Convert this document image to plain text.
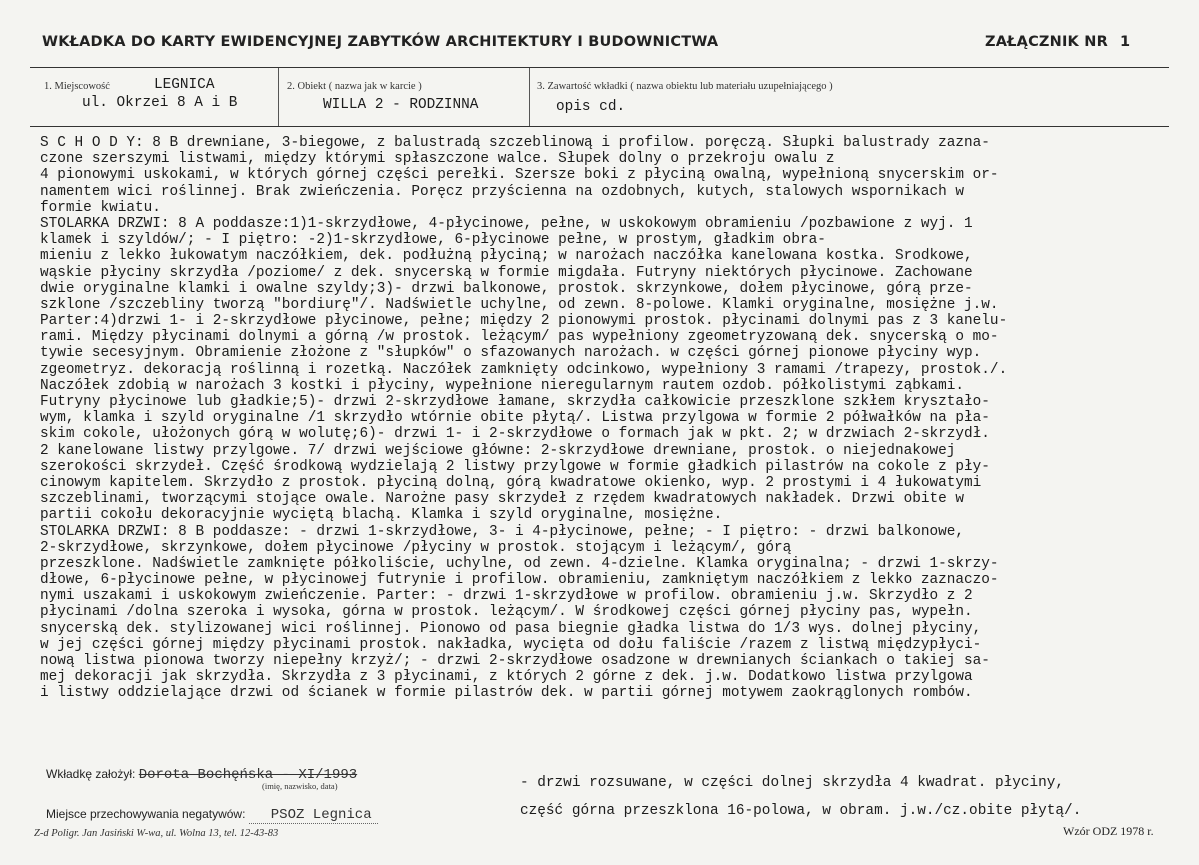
WKŁADKA DO KARTY EWIDENCYJNEJ ZABYTKÓW ARCHITEKTURY I BUDOWNICTWA	ZAŁĄCZNIK NR 1
1. Miejscowość	LEGNICA
ul. Okrzei 8 A i B
2. Obiekt ( nazwa jak w karcie )
WILLA 2 - RODZINNA
3. Zawartość wkładki ( nazwa obiektu lub materiału uzupełniającego )
opis cd.
S C H O D Y: 8 B drewniane, 3-biegowe, z balustradą szczeblinową i profilow. poręczą. Słupki balustrady zazna-
czone szerszymi listwami, między którymi spłaszczone walce. Słupek dolny o przekroju owalu z
4 pionowymi uskokami, w których górnej części perełki. Szersze boki z płyciną owalną, wypełnioną snycerskim or-
namentem wici roślinnej. Brak zwieńczenia. Poręcz przyścienna na ozdobnych, kutych, stalowych wspornikach w
formie kwiatu.
STOLARKA DRZWI: 8 A poddasze:1)1-skrzydłowe, 4-płycinowe, pełne, w uskokowym obramieniu /pozbawione z wyj. 1
klamek i szyldów/; - I piętro: -2)1-skrzydłowe, 6-płycinowe pełne, w prostym, gładkim obra-
mieniu z lekko łukowatym naczółkiem, dek. podłużną płyciną; w narożach naczółka kanelowana kostka. Środkowe,
wąskie płyciny skrzydła /poziome/ z dek. snycerską w formie migdała. Futryny niektórych płycinowe. Zachowane
dwie oryginalne klamki i owalne szyldy;3)- drzwi balkonowe, prostok. skrzynkowe, dołem płycinowe, górą prze-
szklone /szczebliny tworzą "bordiurę"/. Nadświetle uchylne, od zewn. 8-polowe. Klamki oryginalne, mosiężne j.w.
Parter:4)drzwi 1- i 2-skrzydłowe płycinowe, pełne; między 2 pionowymi prostok. płycinami dolnymi pas z 3 kanelu-
rami. Między płycinami dolnymi a górną /w prostok. leżącym/ pas wypełniony zgeometryzowaną dek. snycerską o mo-
tywie secesyjnym. Obramienie złożone z "słupków" o sfazowanych narożach. w części górnej pionowe płyciny wyp.
zgeometryz. dekoracją roślinną i rozetką. Naczółek zamknięty odcinkowo, wypełniony 3 ramami /trapezy, prostok./.
Naczółek zdobią w narożach 3 kostki i płyciny, wypełnione nieregularnym rautem ozdob. półkolistymi ząbkami.
Futryny płycinowe lub gładkie;5)- drzwi 2-skrzydłowe łamane, skrzydła całkowicie przeszklone szkłem kryształo-
wym, klamka i szyld oryginalne /1 skrzydło wtórnie obite płytą/. Listwa przylgowa w formie 2 półwałków na pła-
skim cokole, ułożonych górą w wolutę;6)- drzwi 1- i 2-skrzydłowe o formach jak w pkt. 2; w drzwiach 2-skrzydł.
2 kanelowane listwy przylgowe. 7/ drzwi wejściowe główne: 2-skrzydłowe drewniane, prostok. o niejednakowej
szerokości skrzydeł. Część środkową wydzielają 2 listwy przylgowe w formie gładkich pilastrów na cokole z pły-
cinowym kapitelem. Skrzydło z prostok. płyciną dolną, górą kwadratowe okienko, wyp. 2 prostymi i 4 łukowatymi
szczeblinami, tworzącymi stojące owale. Narożne pasy skrzydeł z rzędem kwadratowych nakładek. Drzwi obite w
partii cokołu dekoracyjnie wyciętą blachą. Klamka i szyld oryginalne, mosiężne.
STOLARKA DRZWI: 8 B poddasze: - drzwi 1-skrzydłowe, 3- i 4-płycinowe, pełne; - I piętro: - drzwi balkonowe,
2-skrzydłowe, skrzynkowe, dołem płycinowe /płyciny w prostok. stojącym i leżącym/, górą
przeszklone. Nadświetle zamknięte półkoliście, uchylne, od zewn. 4-dzielne. Klamka oryginalna; - drzwi 1-skrzy-
dłowe, 6-płycinowe pełne, w płycinowej futrynie i profilow. obramieniu, zamkniętym naczółkiem z lekko zaznaczo-
nymi uszakami i uskokowym zwieńczenie. Parter: - drzwi 1-skrzydłowe w profilow. obramieniu j.w. Skrzydło z 2
płycinami /dolna szeroka i wysoka, górna w prostok. leżącym/. W środkowej części górnej płyciny pas, wypełn.
snycerską dek. stylizowanej wici roślinnej. Pionowo od pasa biegnie gładka listwa do 1/3 wys. dolnej płyciny,
w jej części górnej między płycinami prostok. nakładka, wycięta od dołu faliście /razem z listwą międzypłyci-
nową listwa pionowa tworzy niepełny krzyż/; - drzwi 2-skrzydłowe osadzone w drewnianych ściankach o takiej sa-
mej dekoracji jak skrzydła. Skrzydła z 3 płycinami, z których 2 górne z dek. j.w. Dodatkowo listwa przylgowa
i listwy oddzielające drzwi od ścianek w formie pilastrów dek. w partii górnej motywem zaokrąglonych rombów.
- drzwi rozsuwane, w części dolnej skrzydła 4 kwadrat. płyciny,
część górna przeszklona 16-polowa, w obram. j.w./cz.obite płytą/.
Wkładkę założył: Dorota Bochęńska - XI/1993
(imię, nazwisko, data)
Miejsce przechowywania negatywów: PSOZ Legnica
Z-d Poligr. Jan Jasiński W-wa, ul. Wolna 13, tel. 12-43-83	Wzór ODZ 1978 r.
